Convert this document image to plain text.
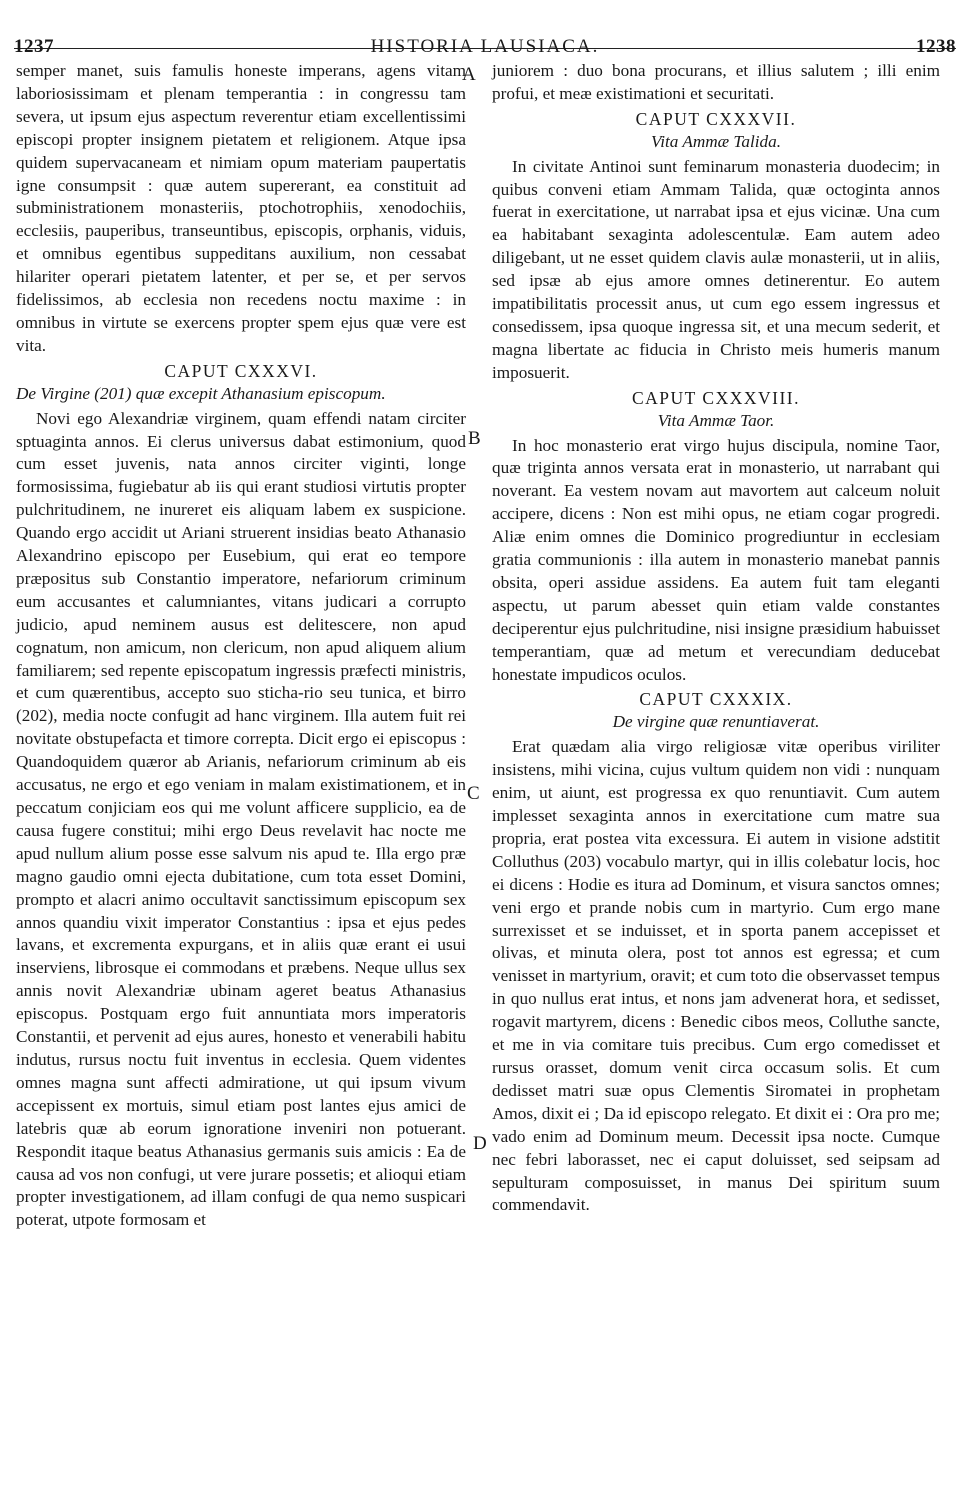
1237	HISTORIA LAUSIACA.	1238
A
B
C
D

semper manet, suis famulis honeste imperans, agens vitam laboriosissimam et plenam temperantia : in congressu tam severa, ut ipsum ejus aspectum reverentur etiam excellentissimi episcopi propter insignem pietatem et religionem. Atque ipsa quidem supervacaneam et nimiam opum materiam paupertatis igne consumpsit : quæ autem supererant, ea constituit ad subministrationem monasteriis, ptochotrophiis, xenodochiis, ecclesiis, pauperibus, transeuntibus, episcopis, orphanis, viduis, et omnibus egentibus suppeditans auxilium, non cessabat hilariter operari pietatem latenter, et per se, et per servos fidelissimos, ab ecclesia non recedens noctu maxime : in omnibus in virtute se exercens propter spem ejus quæ vere est vita.

CAPUT CXXXVI.
De Virgine (201) quæ excepit Athanasium episcopum.

Novi ego Alexandriæ virginem, quam effendi natam circiter sptuaginta annos. Ei clerus universus dabat estimonium, quod cum esset juvenis, nata annos circiter viginti, longe formosissima, fugiebatur ab iis qui erant studiosi virtutis propter pulchritudinem, ne inureret eis aliquam labem ex suspicione. Quando ergo accidit ut Ariani struerent insidias beato Athanasio Alexandrino episcopo per Eusebium, qui erat eo tempore præpositus sub Constantio imperatore, nefariorum criminum eum accusantes et calumniantes, vitans judicari a corrupto judicio, apud neminem ausus est delitescere, non apud cognatum, non amicum, non clericum, non apud aliquem alium familiarem; sed repente episcopatum ingressis præfecti ministris, et cum quærentibus, accepto suo sticha-rio seu tunica, et birro (202), media nocte confugit ad hanc virginem. Illa autem fuit rei novitate obstupefacta et timore correpta. Dicit ergo ei episcopus : Quandoquidem quæror ab Arianis, nefariorum criminum ab eis accusatus, ne ergo et ego veniam in malam existimationem, et in peccatum conjiciam eos qui me volunt afficere supplicio, ea de causa fugere constitui; mihi ergo Deus revelavit hac nocte me apud nullum alium posse esse salvum nis apud te. Illa ergo præ magno gaudio omni ejecta dubitatione, cum tota esset Domini, prompto et alacri animo occultavit sanctissimum episcopum sex annos quandiu vixit imperator Constantius : ipsa et ejus pedes lavans, et excrementa expurgans, et in aliis quæ erant ei usui inserviens, librosque ei commodans et præbens. Neque ullus sex annis novit Alexandriæ ubinam ageret beatus Athanasius episcopus. Postquam ergo fuit annuntiata mors imperatoris Constantii, et pervenit ad ejus aures, honesto et venerabili habitu indutus, rursus noctu fuit inventus in ecclesia. Quem videntes omnes magna sunt affecti admiratione, ut qui ipsum vivum accepissent ex mortuis, simul etiam post lantes ejus amici de latebris quæ ab eorum ignoratione inveniri non potuerant. Respondit itaque beatus Athanasius germanis suis amicis : Ea de causa ad vos non confugi, ut vere jurare possetis; et alioqui etiam propter investigationem, ad illam confugi de qua nemo suspicari poterat, utpote formosam et

juniorem : duo bona procurans, et illius salutem ; illi enim profui, et meæ existimationi et securitati.

CAPUT CXXXVII.
Vita Ammæ Talida.

In civitate Antinoi sunt feminarum monasteria duodecim; in quibus conveni etiam Ammam Talida, quæ octoginta annos fuerat in exercitatione, ut narrabat ipsa et ejus vicinæ. Una cum ea habitabant sexaginta adolescentulæ. Eam autem adeo diligebant, ut ne esset quidem clavis aulæ monasterii, ut in aliis, sed ipsæ ab ejus amore omnes detinerentur. Eo autem impatibilitatis processit anus, ut cum ego essem ingressus et consedissem, ipsa quoque ingressa sit, et una mecum sederit, et magna libertate ac fiducia in Christo meis humeris manum imposuerit.

CAPUT CXXXVIII.
Vita Ammæ Taor.

In hoc monasterio erat virgo hujus discipula, nomine Taor, quæ triginta annos versata erat in monasterio, ut narrabant qui noverant. Ea vestem novam aut mavortem aut calceum noluit accipere, dicens : Non est mihi opus, ne etiam cogar progredi. Aliæ enim omnes die Dominico progrediuntur in ecclesiam gratia communionis : illa autem in monasterio manebat pannis obsita, operi assidue assidens. Ea autem fuit tam eleganti aspectu, ut parum abesset quin etiam valde constantes deciperentur ejus pulchritudine, nisi insigne præsidium habuisset temperantiam, quæ ad metum et verecundiam deducebat honestate impudicos oculos.

CAPUT CXXXIX.
De virgine quæ renuntiaverat.

Erat quædam alia virgo religiosæ vitæ operibus viriliter insistens, mihi vicina, cujus vultum quidem non vidi : nunquam enim, ut aiunt, est progressa ex quo renuntiavit. Cum autem implesset sexaginta annos in exercitatione cum matre sua propria, erat postea vita excessura. Ei autem in visione adstitit Colluthus (203) vocabulo martyr, qui in illis colebatur locis, hoc ei dicens : Hodie es itura ad Dominum, et visura sanctos omnes; veni ergo et prande nobis cum in martyrio. Cum ergo mane surrexisset et se induisset, et in sporta panem accepisset et olivas, et minuta olera, post tot annos est egressa; et cum venisset in martyrium, oravit; et cum toto die observasset tempus in quo nullus erat intus, et nons jam advenerat hora, et sedisset, rogavit martyrem, dicens : Benedic cibos meos, Colluthe sancte, et me in via comitare tuis precibus. Cum ergo comedisset et rursus orasset, domum venit circa occasum solis. Et cum dedisset matri suæ opus Clementis Siromatei in prophetam Amos, dixit ei ; Da id episcopo relegato. Et dixit ei : Ora pro me; vado enim ad Dominum meum. Decessit ipsa nocte. Cumque nec febri laborasset, nec ei caput doluisset, sed seipsam ad sepulturam composuisset, in manus Dei spiritum suum commendavit.
